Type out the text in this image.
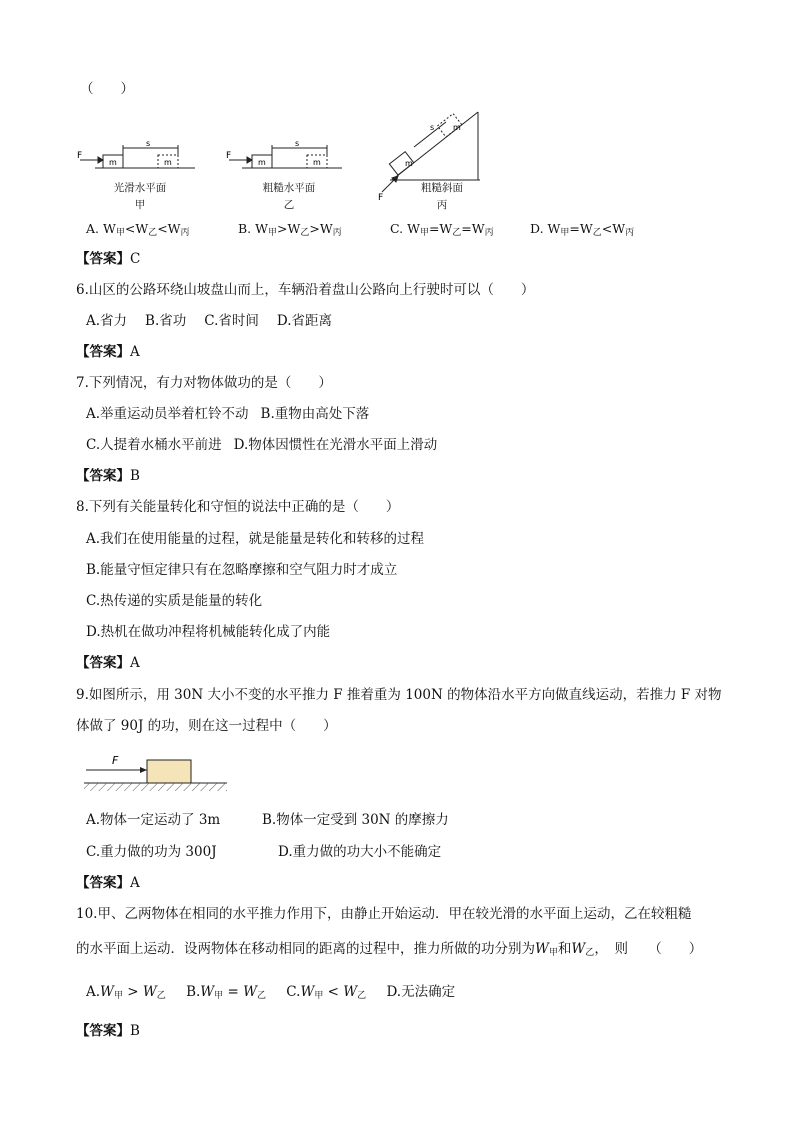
（　　）
F
m	m
s
F
m	m
s
F
m
m
s
光滑水平面
甲
粗糙水平面
乙
粗糙斜面
丙
A. $W_甲<W_乙<W_丙$	B. $W_甲>W_乙>W_丙$	C. $W_甲=W_乙=W_丙$	D. $W_甲=W_乙<W_丙$
【答案】C
6.山区的公路环绕山坡盘山而上，车辆沿着盘山公路向上行驶时可以（　　）
A.省力 B.省功 C.省时间 D.省距离
【答案】A
7.下列情况，有力对物体做功的是（　　）
A.举重运动员举着杠铃不动 B.重物由高处下落
C.人提着水桶水平前进 D.物体因惯性在光滑水平面上滑动
【答案】B
8.下列有关能量转化和守恒的说法中正确的是（　　）
A.我们在使用能量的过程，就是能量是转化和转移的过程
B.能量守恒定律只有在忽略摩擦和空气阻力时才成立
C.热传递的实质是能量的转化
D.热机在做功冲程将机械能转化成了内能
【答案】A
9.如图所示，用 30N 大小不变的水平推力 F 推着重为 100N 的物体沿水平方向做直线运动，若推力 F 对物
体做了 90J 的功，则在这一过程中（　　）
F
A.物体一定运动了 3m	B.物体一定受到 30N 的摩擦力
C.重力做的功为 300J	D.重力做的功大小不能确定
【答案】A
10.甲、乙两物体在相同的水平推力作用下，由静止开始运动．甲在较光滑的水平面上运动，乙在较粗糙
的水平面上运动．设两物体在移动相同的距离的过程中，推力所做的功分别为$W_甲$和$W_乙$，　则　　（　　）
$A.W_甲 > W_乙$ $B.W_甲 = W_乙$ $C.W_甲 < W_乙$ D.无法确定
【答案】B
